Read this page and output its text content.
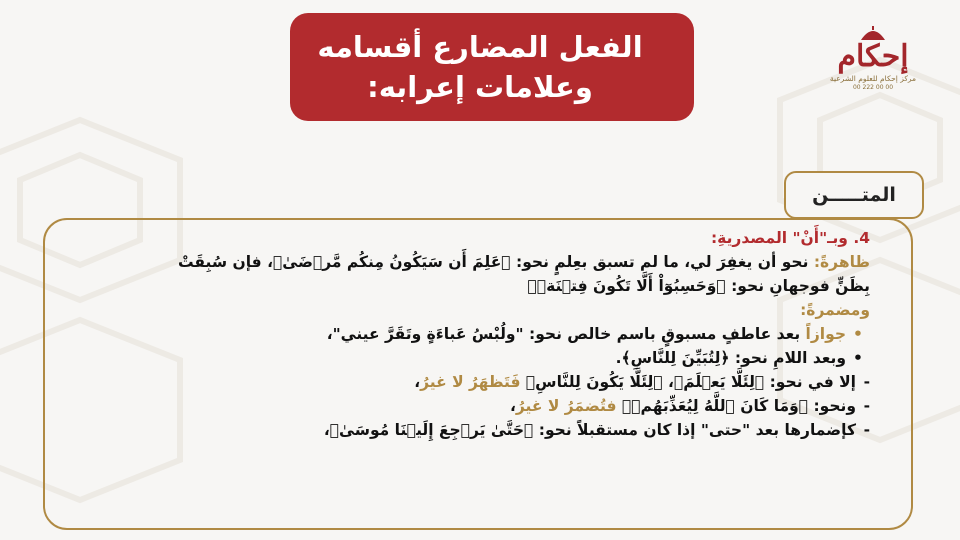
الفعل المضارع أقسامه
وعلامات إعرابه:
إحكام
مركز إحكام للعلوم الشرعية
00 222 00 00
المتـــــن
4. وبـ"أَنْ" المصدريةِ:
ظاهرةً: نحو أن يغفِرَ لي، ما لم تسبق بعِلمٍ نحو: ﴿عَلِمَ أَن سَيَكُونُ مِنكُم مَّرۡضَىٰ﴾، فإن سُبِقَتْ
بِظَنٍّ فوجهانِ نحو: ﴿وَحَسِبُوٓاْ أَلَّا تَكُونَ فِتۡنَةٞ﴾
ومضمرةً:
•جوازاً بعد عاطفٍ مسبوقٍ باسم خالص نحو: "ولُبْسُ عَباءَةٍ وتَقَرَّ عيني"،
•وبعد اللامِ نحو: ﴿لِتُبَيِّنَ لِلنَّاسِ﴾.
-إلا في نحو: ﴿لِئَلَّا يَعۡلَمَ﴾، ﴿لِئَلَّا يَكُونَ لِلنَّاسِ﴾ فَتَظهَرُ لا غيرُ،
-ونحو: ﴿وَمَا كَانَ ٱللَّهُ لِيُعَذِّبَهُمۡ﴾ فتُضمَرُ لا غيرُ،
-كإضمارها بعد "حتى" إذا كان مستقبلاً نحو: ﴿حَتَّىٰ يَرۡجِعَ إِلَيۡنَا مُوسَىٰ﴾،
